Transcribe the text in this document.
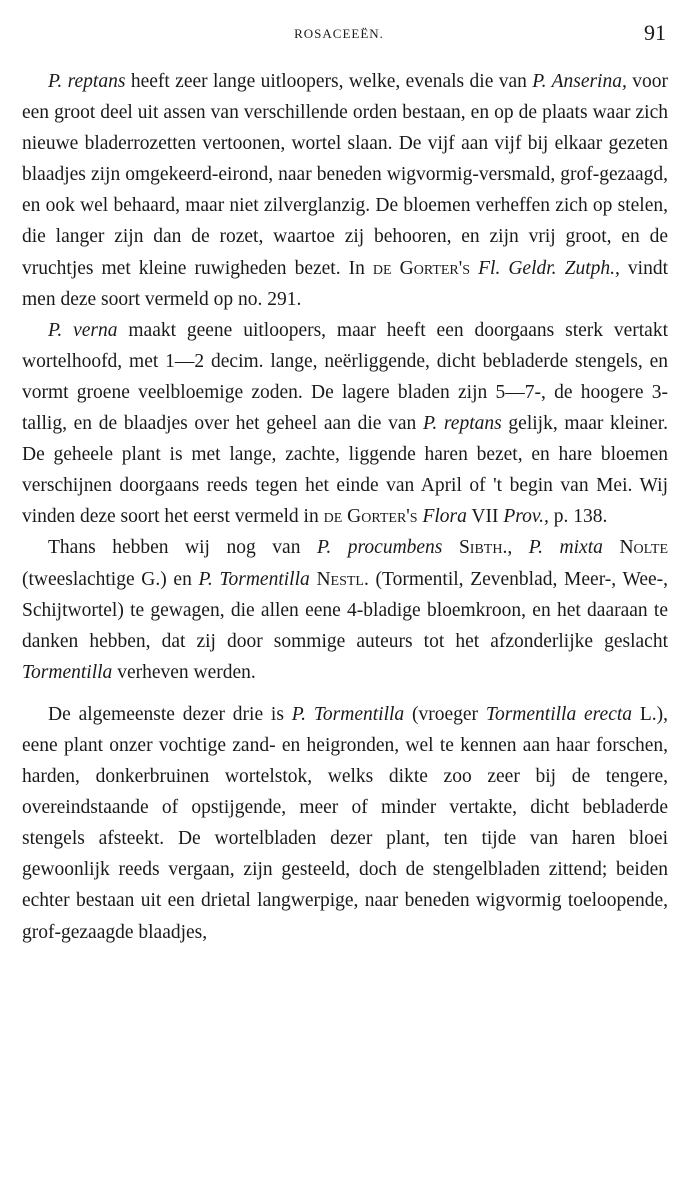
ROSACEEËN.	91

P. reptans heeft zeer lange uitloopers, welke, evenals die van P. Anserina, voor een groot deel uit assen van verschillende orden bestaan, en op de plaats waar zich nieuwe bladerrozetten vertoonen, wortel slaan. De vijf aan vijf bij elkaar gezeten blaadjes zijn omgekeerd-eirond, naar beneden wigvormig-versmald, grof-gezaagd, en ook wel behaard, maar niet zilverglanzig. De bloemen verheffen zich op stelen, die langer zijn dan de rozet, waartoe zij behooren, en zijn vrij groot, en de vruchtjes met kleine ruwigheden bezet. In de Gorter's Fl. Geldr. Zutph., vindt men deze soort vermeld op no. 291.

P. verna maakt geene uitloopers, maar heeft een doorgaans sterk vertakt wortelhoofd, met 1—2 decim. lange, neërliggende, dicht bebladerde stengels, en vormt groene veelbloemige zoden. De lagere bladen zijn 5—7-, de hoogere 3-tallig, en de blaadjes over het geheel aan die van P. reptans gelijk, maar kleiner. De geheele plant is met lange, zachte, liggende haren bezet, en hare bloemen verschijnen doorgaans reeds tegen het einde van April of 't begin van Mei. Wij vinden deze soort het eerst vermeld in de Gorter's Flora VII Prov., p. 138.

Thans hebben wij nog van P. procumbens Sibth., P. mixta Nolte (tweeslachtige G.) en P. Tormentilla Nestl. (Tormentil, Zevenblad, Meer-, Wee-, Schijtwortel) te gewagen, die allen eene 4-bladige bloemkroon, en het daaraan te danken hebben, dat zij door sommige auteurs tot het afzonderlijke geslacht Tormentilla verheven werden.

De algemeenste dezer drie is P. Tormentilla (vroeger Tormentilla erecta L.), eene plant onzer vochtige zand- en heigronden, wel te kennen aan haar forschen, harden, donkerbruinen wortelstok, welks dikte zoo zeer bij de tengere, overeindstaande of opstijgende, meer of minder vertakte, dicht bebladerde stengels afsteekt. De wortelbladen dezer plant, ten tijde van haren bloei gewoonlijk reeds vergaan, zijn gesteeld, doch de stengelbladen zittend; beiden echter bestaan uit een drietal langwerpige, naar beneden wigvormig toeloopende, grof-gezaagde blaadjes,
